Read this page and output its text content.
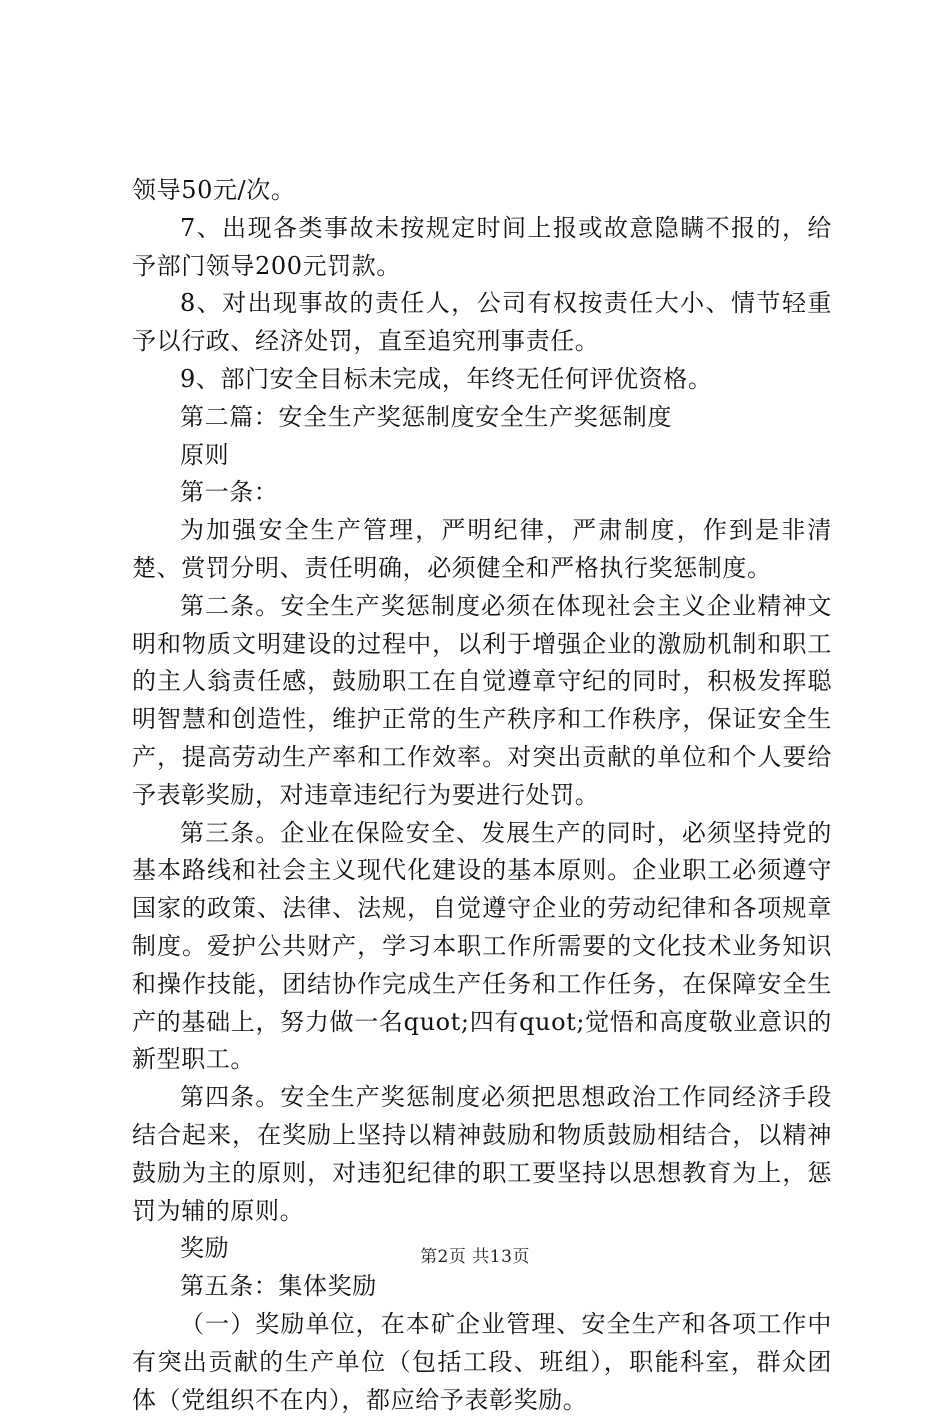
领导50元/次。

7、出现各类事故未按规定时间上报或故意隐瞒不报的，给予部门领导200元罚款。

8、对出现事故的责任人，公司有权按责任大小、情节轻重予以行政、经济处罚，直至追究刑事责任。

9、部门安全目标未完成，年终无任何评优资格。

第二篇：安全生产奖惩制度安全生产奖惩制度

原则

第一条：

为加强安全生产管理，严明纪律，严肃制度，作到是非清楚、赏罚分明、责任明确，必须健全和严格执行奖惩制度。

第二条。安全生产奖惩制度必须在体现社会主义企业精神文明和物质文明建设的过程中，以利于增强企业的激励机制和职工的主人翁责任感，鼓励职工在自觉遵章守纪的同时，积极发挥聪明智慧和创造性，维护正常的生产秩序和工作秩序，保证安全生产，提高劳动生产率和工作效率。对突出贡献的单位和个人要给予表彰奖励，对违章违纪行为要进行处罚。

第三条。企业在保险安全、发展生产的同时，必须坚持党的基本路线和社会主义现代化建设的基本原则。企业职工必须遵守国家的政策、法律、法规，自觉遵守企业的劳动纪律和各项规章制度。爱护公共财产，学习本职工作所需要的文化技术业务知识和操作技能，团结协作完成生产任务和工作任务，在保障安全生产的基础上，努力做一名quot;四有quot;觉悟和高度敬业意识的新型职工。

第四条。安全生产奖惩制度必须把思想政治工作同经济手段结合起来，在奖励上坚持以精神鼓励和物质鼓励相结合，以精神鼓励为主的原则，对违犯纪律的职工要坚持以思想教育为上，惩罚为辅的原则。

奖励

第五条：集体奖励

（一）奖励单位，在本矿企业管理、安全生产和各项工作中有突出贡献的生产单位（包括工段、班组），职能科室，群众团体（党组织不在内），都应给予表彰奖励。

第2页 共13页
